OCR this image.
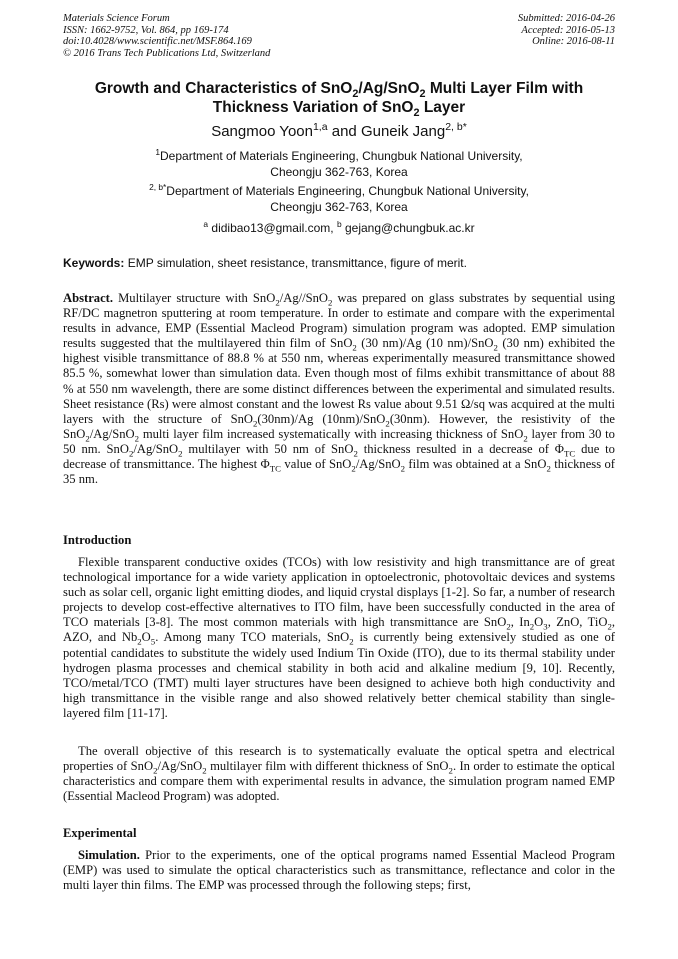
Materials Science Forum
ISSN: 1662-9752, Vol. 864, pp 169-174
doi:10.4028/www.scientific.net/MSF.864.169
© 2016 Trans Tech Publications Ltd, Switzerland
Submitted: 2016-04-26
Accepted: 2016-05-13
Online: 2016-08-11
Growth and Characteristics of SnO$_2$/Ag/SnO$_2$ Multi Layer Film with Thickness Variation of SnO$_2$ Layer
Sangmoo Yoon$^{1,a}$ and Guneik Jang$^{2, b*}$
$^1$Department of Materials Engineering, Chungbuk National University,
Cheongju 362-763, Korea
$^{2, b*}$Department of Materials Engineering, Chungbuk National University,
Cheongju 362-763, Korea
$^a$ didibao13@gmail.com, $^b$ gejang@chungbuk.ac.kr
Keywords: EMP simulation, sheet resistance, transmittance, figure of merit.
Abstract. Multilayer structure with SnO$_2$/Ag//SnO$_2$ was prepared on glass substrates by sequential using RF/DC magnetron sputtering at room temperature. In order to estimate and compare with the experimental results in advance, EMP (Essential Macleod Program) simulation program was adopted. EMP simulation results suggested that the multilayered thin film of SnO$_2$ (30 nm)/Ag (10 nm)/SnO$_2$ (30 nm) exhibited the highest visible transmittance of 88.8 % at 550 nm, whereas experimentally measured transmittance showed 85.5 %, somewhat lower than simulation data. Even though most of films exhibit transmittance of about 88 % at 550 nm wavelength, there are some distinct differences between the experimental and simulated results. Sheet resistance (Rs) were almost constant and the lowest Rs value about 9.51 Ω/sq was acquired at the multi layers with the structure of SnO$_2$(30nm)/Ag (10nm)/SnO$_2$(30nm). However, the resistivity of the SnO$_2$/Ag/SnO$_2$ multi layer film increased systematically with increasing thickness of SnO$_2$ layer from 30 to 50 nm. SnO$_2$/Ag/SnO$_2$ multilayer with 50 nm of SnO$_2$ thickness resulted in a decrease of $\Phi_{TC}$ due to decrease of transmittance. The highest $\Phi_{TC}$ value of SnO$_2$/Ag/SnO$_2$ film was obtained at a SnO$_2$ thickness of 35 nm.
Introduction
Flexible transparent conductive oxides (TCOs) with low resistivity and high transmittance are of great technological importance for a wide variety application in optoelectronic, photovoltaic devices and systems such as solar cell, organic light emitting diodes, and liquid crystal displays [1-2]. So far, a number of research projects to develop cost-effective alternatives to ITO film, have been successfully conducted in the area of TCO materials [3-8]. The most common materials with high transmittance are SnO$_2$, $In_2O_3$, ZnO, TiO$_2$, AZO, and $Nb_2O_5$. Among many TCO materials, SnO$_2$ is currently being extensively studied as one of potential candidates to substitute the widely used Indium Tin Oxide (ITO), due to its thermal stability under hydrogen plasma processes and chemical stability in both acid and alkaline medium [9, 10]. Recently, TCO/metal/TCO (TMT) multi layer structures have been designed to achieve both high conductivity and high transmittance in the visible range and also showed relatively better chemical stability than single-layered film [11-17].
The overall objective of this research is to systematically evaluate the optical spetra and electrical properties of SnO$_2$/Ag/SnO$_2$ multilayer film with different thickness of SnO$_2$. In order to estimate the optical characteristics and compare them with experimental results in advance, the simulation program named EMP (Essential Macleod Program) was adopted.
Experimental
Simulation. Prior to the experiments, one of the optical programs named Essential Macleod Program (EMP) was used to simulate the optical characteristics such as transmittance, reflectance and color in the multi layer thin films. The EMP was processed through the following steps; first,
